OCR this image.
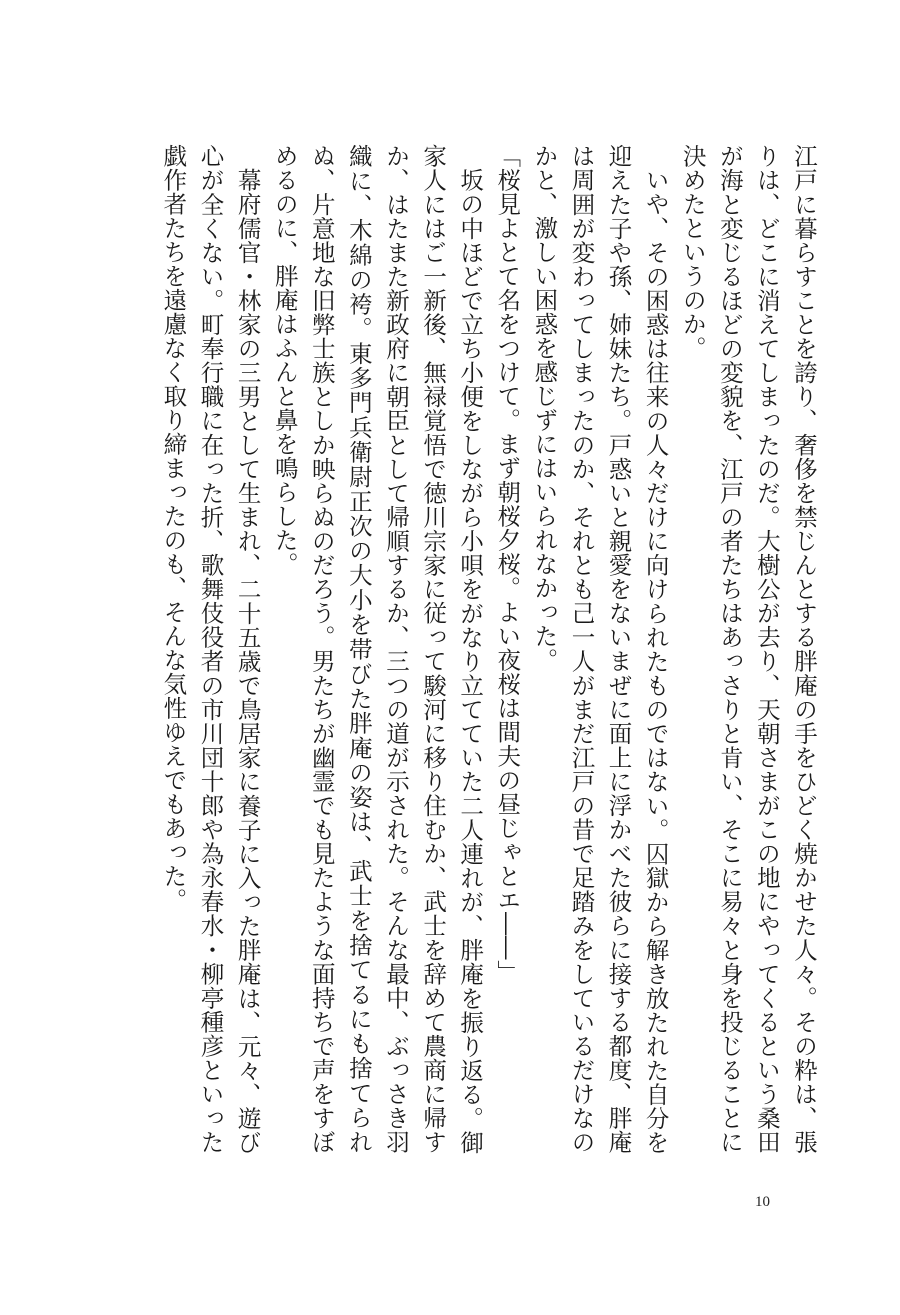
江戸に暮らすことを誇り、奢侈を禁じんとする胖庵の手をひどく焼かせた人々。その粋は、張りは、どこに消えてしまったのだ。大樹公が去り、天朝さまがこの地にやってくるという桑田が海と変じるほどの変貌を、江戸の者たちはあっさりと肯い、そこに易々と身を投じることに決めたというのか。

いや、その困惑は往来の人々だけに向けられたものではない。囚獄から解き放たれた自分を迎えた子や孫、姉妹たち。戸惑いと親愛をないまぜに面上に浮かべた彼らに接する都度、胖庵は周囲が変わってしまったのか、それとも己一人がまだ江戸の昔で足踏みをしているだけなのかと、激しい困惑を感じずにはいられなかった。

「桜見よとて名をつけて。まず朝桜夕桜。よい夜桜は間夫の昼じゃとエ――」

坂の中ほどで立ち小便をしながら小唄をがなり立てていた二人連れが、胖庵を振り返る。御家人にはご一新後、無禄覚悟で徳川宗家に従って駿河に移り住むか、武士を辞めて農商に帰すか、はたまた新政府に朝臣として帰順するか、三つの道が示された。そんな最中、ぶっさき羽織に、木綿の袴。東多門兵衛尉正次の大小を帯びた胖庵の姿は、武士を捨てるにも捨てられぬ、片意地な旧弊士族としか映らぬのだろう。男たちが幽霊でも見たような面持ちで声をすぼめるのに、胖庵はふんと鼻を鳴らした。

幕府儒官・林家の三男として生まれ、二十五歳で鳥居家に養子に入った胖庵は、元々、遊び心が全くない。町奉行職に在った折、歌舞伎役者の市川団十郎や為永春水・柳亭種彦といった戯作者たちを遠慮なく取り締まったのも、そんな気性ゆえでもあった。

10
